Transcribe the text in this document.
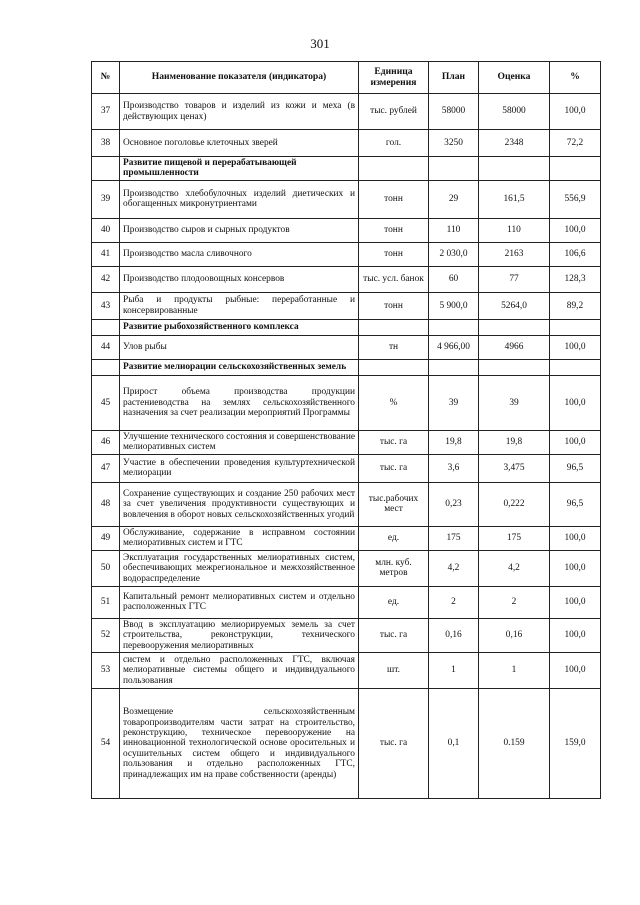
301
№	Наименование показателя (индикатора)	Единица измерения	План	Оценка	%
37	Производство товаров и изделий из кожи и меха (в действующих ценах)	тыс. рублей	58000	58000	100,0
38	Основное поголовье клеточных зверей	гол.	3250	2348	72,2
	Развитие пищевой и перерабатывающей промышленности				
39	Производство хлебобулочных изделий диетических и обогащенных микронутриентами	тонн	29	161,5	556,9
40	Производство сыров и сырных продуктов	тонн	110	110	100,0
41	Производство масла сливочного	тонн	2 030,0	2163	106,6
42	Производство плодоовощных консервов	тыс. усл. банок	60	77	128,3
43	Рыба и продукты рыбные: переработанные и консервированные	тонн	5 900,0	5264,0	89,2
	Развитие рыбохозяйственного комплекса				
44	Улов рыбы	тн	4 966,00	4966	100,0
	Развитие мелиорации сельскохозяйственных земель				
45	Прирост объема производства продукции растениеводства на землях сельскохозяйственного назначения за счет реализации мероприятий Программы	%	39	39	100,0
46	Улучшение технического состояния и совершенствование мелиоративных систем	тыс. га	19,8	19,8	100,0
47	Участие в обеспечении проведения культуртехнической мелиорации	тыс. га	3,6	3,475	96,5
48	Сохранение существующих и создание 250 рабочих мест за счет увеличения продуктивности существующих и вовлечения в оборот новых сельскохозяйственных угодий	тыс.рабочих мест	0,23	0,222	96,5
49	Обслуживание, содержание в исправном состоянии мелиоративных систем и ГТС	ед.	175	175	100,0
50	Эксплуатация государственных мелиоративных систем, обеспечивающих межрегиональное и межхозяйственное водораспределение	млн. куб. метров	4,2	4,2	100,0
51	Капитальный ремонт мелиоративных систем и отдельно расположенных ГТС	ед.	2	2	100,0
52	Ввод в эксплуатацию мелиорируемых земель за счет строительства, реконструкции, технического перевооружения мелиоративных	тыс. га	0,16	0,16	100,0
53	систем и отдельно расположенных ГТС, включая мелиоративные системы общего и индивидуального пользования	шт.	1	1	100,0
54	Возмещение сельскохозяйственным товаропроизводителям части затрат на строительство, реконструкцию, техническое перевооружение на инновационной технологической основе оросительных и осушительных систем общего и индивидуального пользования и отдельно расположенных ГТС, принадлежащих им на праве собственности (аренды)	тыс. га	0,1	0.159	159,0
